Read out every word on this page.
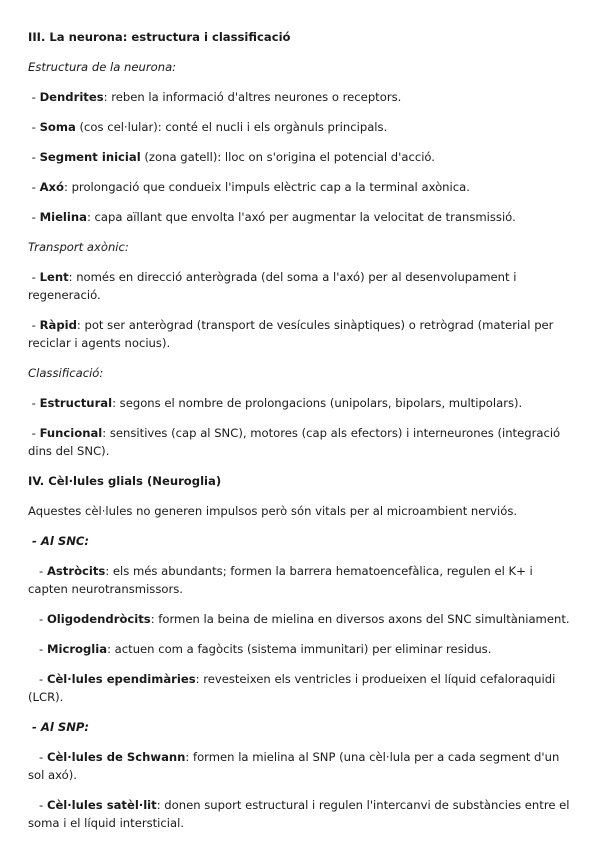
III. La neurona: estructura i classificació

Estructura de la neurona:

- Dendrites: reben la informació d'altres neurones o receptors.

- Soma (cos cel·lular): conté el nucli i els orgànuls principals.

- Segment inicial (zona gatell): lloc on s'origina el potencial d'acció.

- Axó: prolongació que condueix l'impuls elèctric cap a la terminal axònica.

- Mielina: capa aïllant que envolta l'axó per augmentar la velocitat de transmissió.

Transport axònic:

- Lent: només en direcció anterògrada (del soma a l'axó) per al desenvolupament i regeneració.

- Ràpid: pot ser anterògrad (transport de vesícules sinàptiques) o retrògrad (material per reciclar i agents nocius).

Classificació:

- Estructural: segons el nombre de prolongacions (unipolars, bipolars, multipolars).

- Funcional: sensitives (cap al SNC), motores (cap als efectors) i interneurones (integració dins del SNC).

IV. Cèl·lules glials (Neuroglia)

Aquestes cèl·lules no generen impulsos però són vitals per al microambient nerviós.

- Al SNC:

- Astròcits: els més abundants; formen la barrera hematoencefàlica, regulen el K+ i capten neurotransmissors.

- Oligodendròcits: formen la beina de mielina en diversos axons del SNC simultàniament.

- Microglia: actuen com a fagòcits (sistema immunitari) per eliminar residus.

- Cèl·lules ependimàries: revesteixen els ventricles i produeixen el líquid cefaloraquidi (LCR).

- Al SNP:

- Cèl·lules de Schwann: formen la mielina al SNP (una cèl·lula per a cada segment d'un sol axó).

- Cèl·lules satèl·lit: donen suport estructural i regulen l'intercanvi de substàncies entre el soma i el líquid intersticial.
